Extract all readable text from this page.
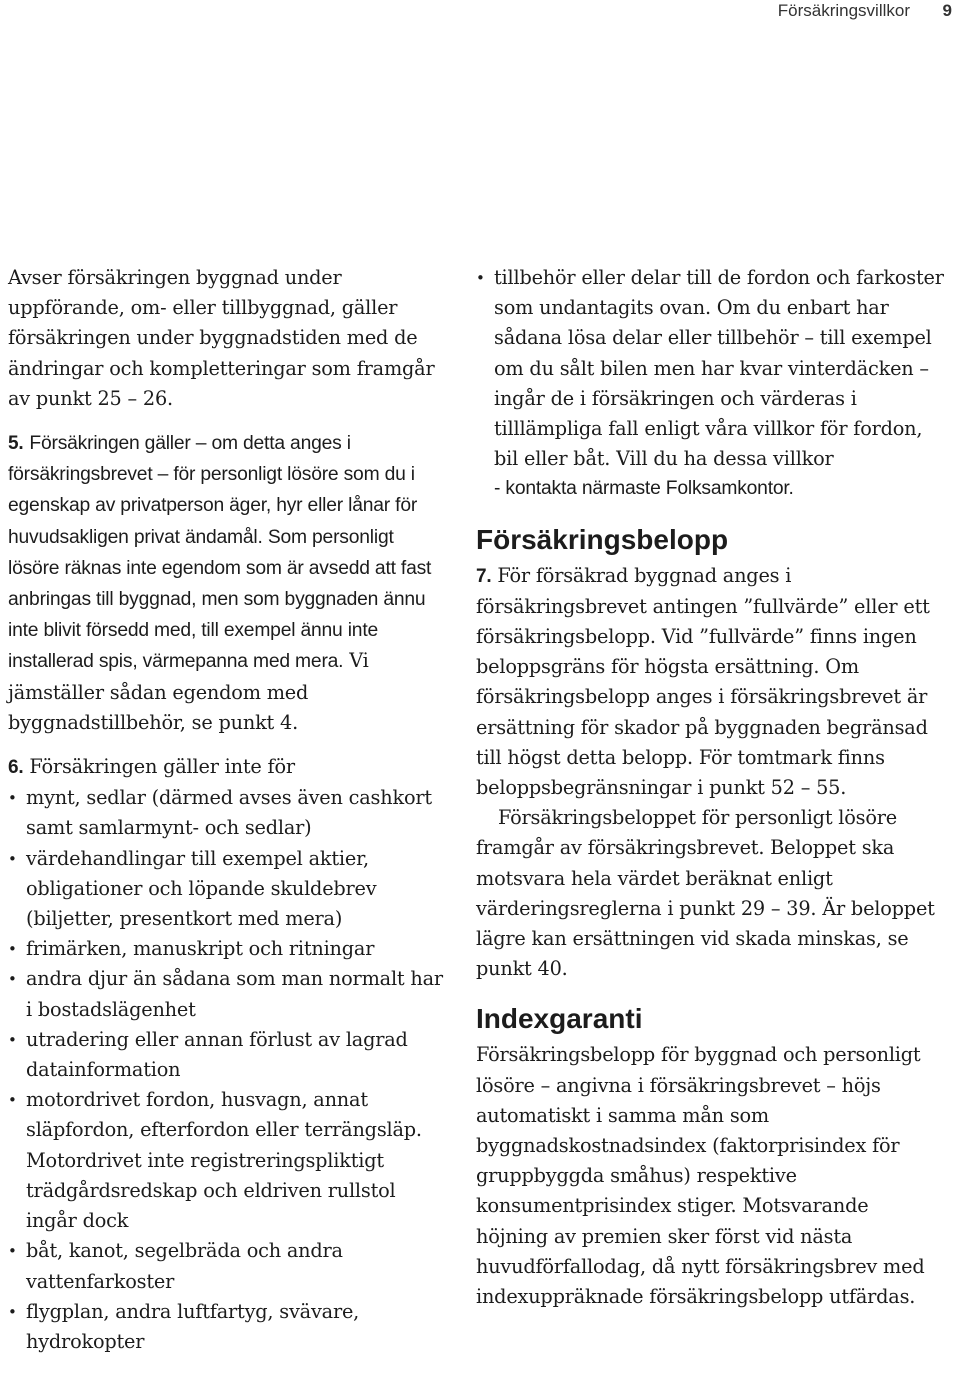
Försäkringsvillkor 9

Avser försäkringen byggnad under uppförande, om- eller tillbyggnad, gäller försäkringen under byggnadstiden med de ändringar och kompletteringar som framgår av punkt 25 – 26.

5. Försäkringen gäller – om detta anges i försäkringsbrevet – för personligt lösöre som du i egenskap av privatperson äger, hyr eller lånar för huvudsakligen privat ändamål. Som personligt lösöre räknas inte egendom som är avsedd att fast anbringas till byggnad, men som byggnaden ännu inte blivit försedd med, till exempel ännu inte installerad spis, värmepanna med mera. Vi jämställer sådan egendom med byggnadstillbehör, se punkt 4.

6. Försäkringen gäller inte för

• mynt, sedlar (därmed avses även cashkort samt samlarmynt- och sedlar)
• värdehandlingar till exempel aktier, obligationer och löpande skuldebrev (biljetter, presentkort med mera)
• frimärken, manuskript och ritningar
• andra djur än sådana som man normalt har i bostadslägenhet
• utradering eller annan förlust av lagrad datainformation
• motordrivet fordon, husvagn, annat släpfordon, efterfordon eller terrängsläp. Motordrivet inte registreringspliktigt trädgårdsredskap och eldriven rullstol ingår dock
• båt, kanot, segelbräda och andra vattenfarkoster
• flygplan, andra luftfartyg, svävare, hydrokopter
• tillbehör eller delar till de fordon och farkoster som undantagits ovan. Om du enbart har sådana lösa delar eller tillbehör – till exempel om du sålt bilen men har kvar vinterdäcken – ingår de i försäkringen och värderas i tilllämpliga fall enligt våra villkor för fordon, bil eller båt. Vill du ha dessa villkor
- kontakta närmaste Folksamkontor.
Försäkringsbelopp

7. För försäkrad byggnad anges i försäkringsbrevet antingen ”fullvärde” eller ett försäkringsbelopp. Vid ”fullvärde” finns ingen beloppsgräns för högsta ersättning. Om försäkringsbelopp anges i försäkringsbrevet är ersättning för skador på byggnaden begränsad till högst detta belopp. För tomtmark finns beloppsbegränsningar i punkt 52 – 55.

Försäkringsbeloppet för personligt lösöre framgår av försäkringsbrevet. Beloppet ska motsvara hela värdet beräknat enligt värderingsreglerna i punkt 29 – 39. Är beloppet lägre kan ersättningen vid skada minskas, se punkt 40.

Indexgaranti

Försäkringsbelopp för byggnad och personligt lösöre – angivna i försäkringsbrevet – höjs automatiskt i samma mån som byggnadskostnadsindex (faktorprisindex för gruppbyggda småhus) respektive konsumentprisindex stiger. Motsvarande höjning av premien sker först vid nästa huvudförfallodag, då nytt försäkringsbrev med indexuppräknade försäkringsbelopp utfärdas.
